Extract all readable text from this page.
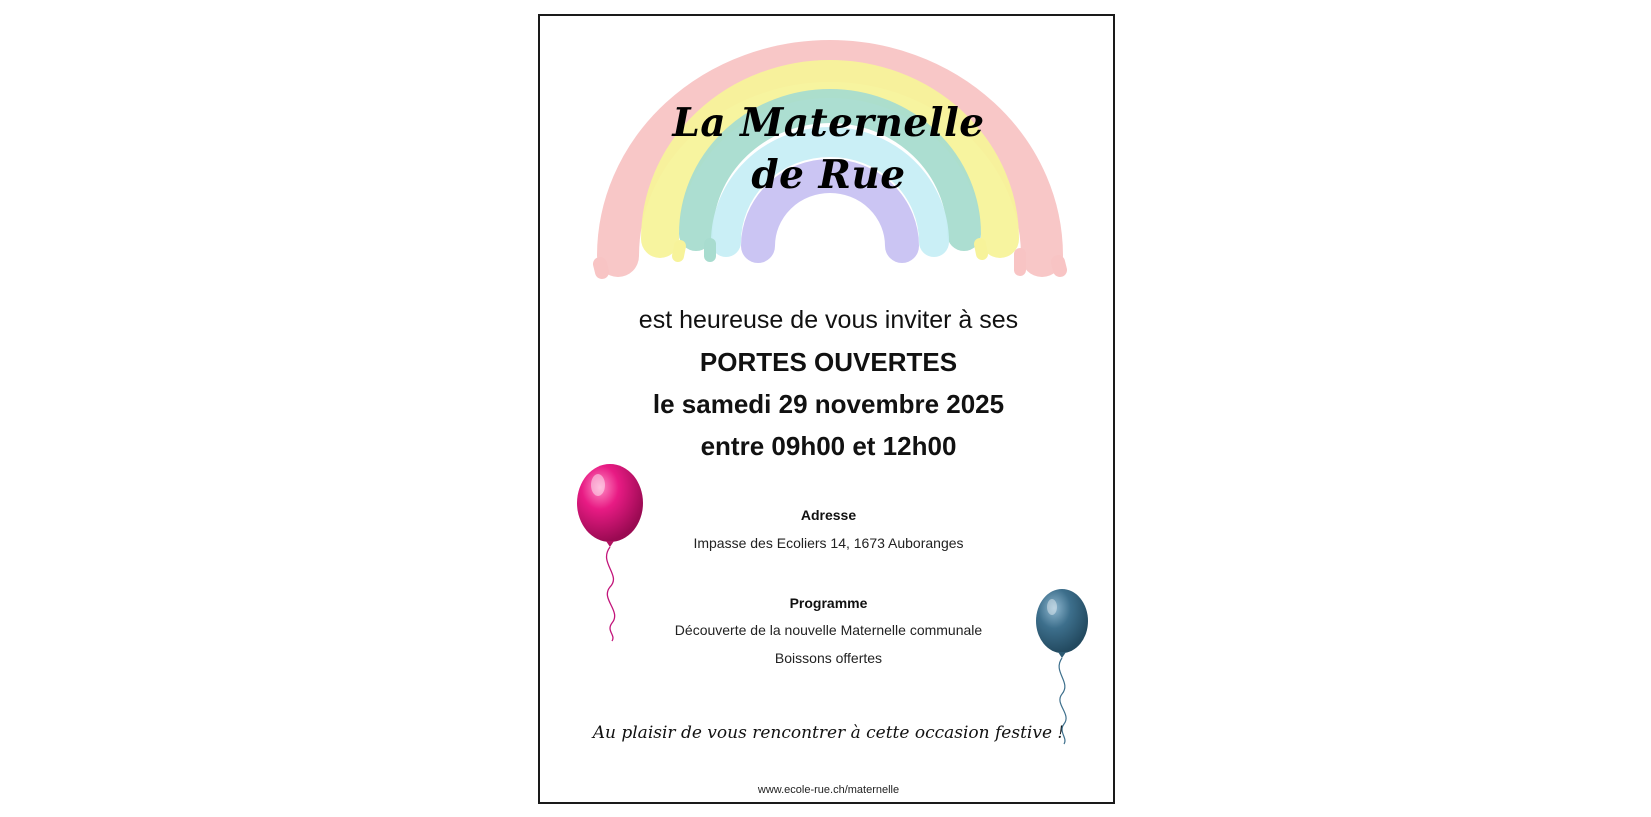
La Maternelle
de Rue
est heureuse de vous inviter à ses
PORTES OUVERTES
le samedi 29 novembre 2025
entre 09h00 et 12h00
Adresse
Impasse des Ecoliers 14, 1673 Auboranges
Programme
Découverte de la nouvelle Maternelle communale
Boissons offertes
Au plaisir de vous rencontrer à cette occasion festive !
www.ecole-rue.ch/maternelle
